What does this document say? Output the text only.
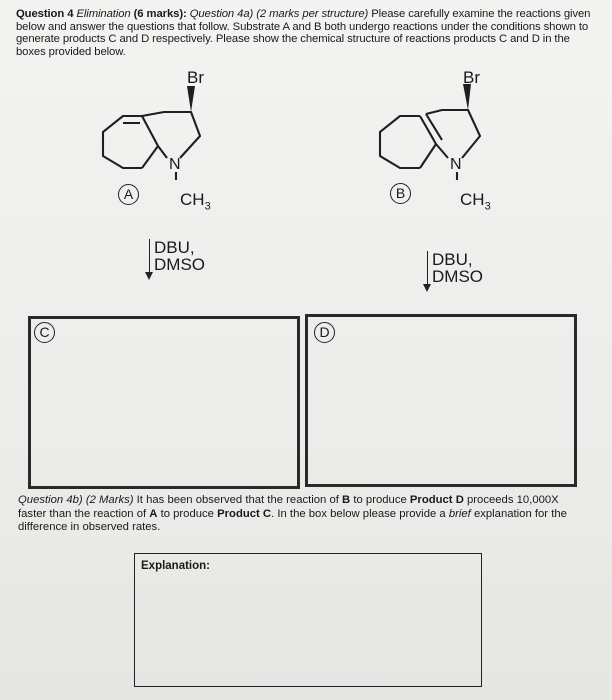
Question 4 Elimination (6 marks): Question 4a) (2 marks per structure) Please carefully examine the reactions given below and answer the questions that follow. Substrate A and B both undergo reactions under the conditions shown to generate products C and D respectively. Please show the chemical structure of reactions products C and D in the boxes provided below.
Br
N
$CH_3$
A
Br
N
$CH_3$
B
DBU,
DMSO	DBU,
DMSO
C	D
Question 4b) (2 Marks) It has been observed that the reaction of B to produce Product D proceeds 10,000X faster than the reaction of A to produce Product C. In the box below please provide a brief explanation for the difference in observed rates.
Explanation:
